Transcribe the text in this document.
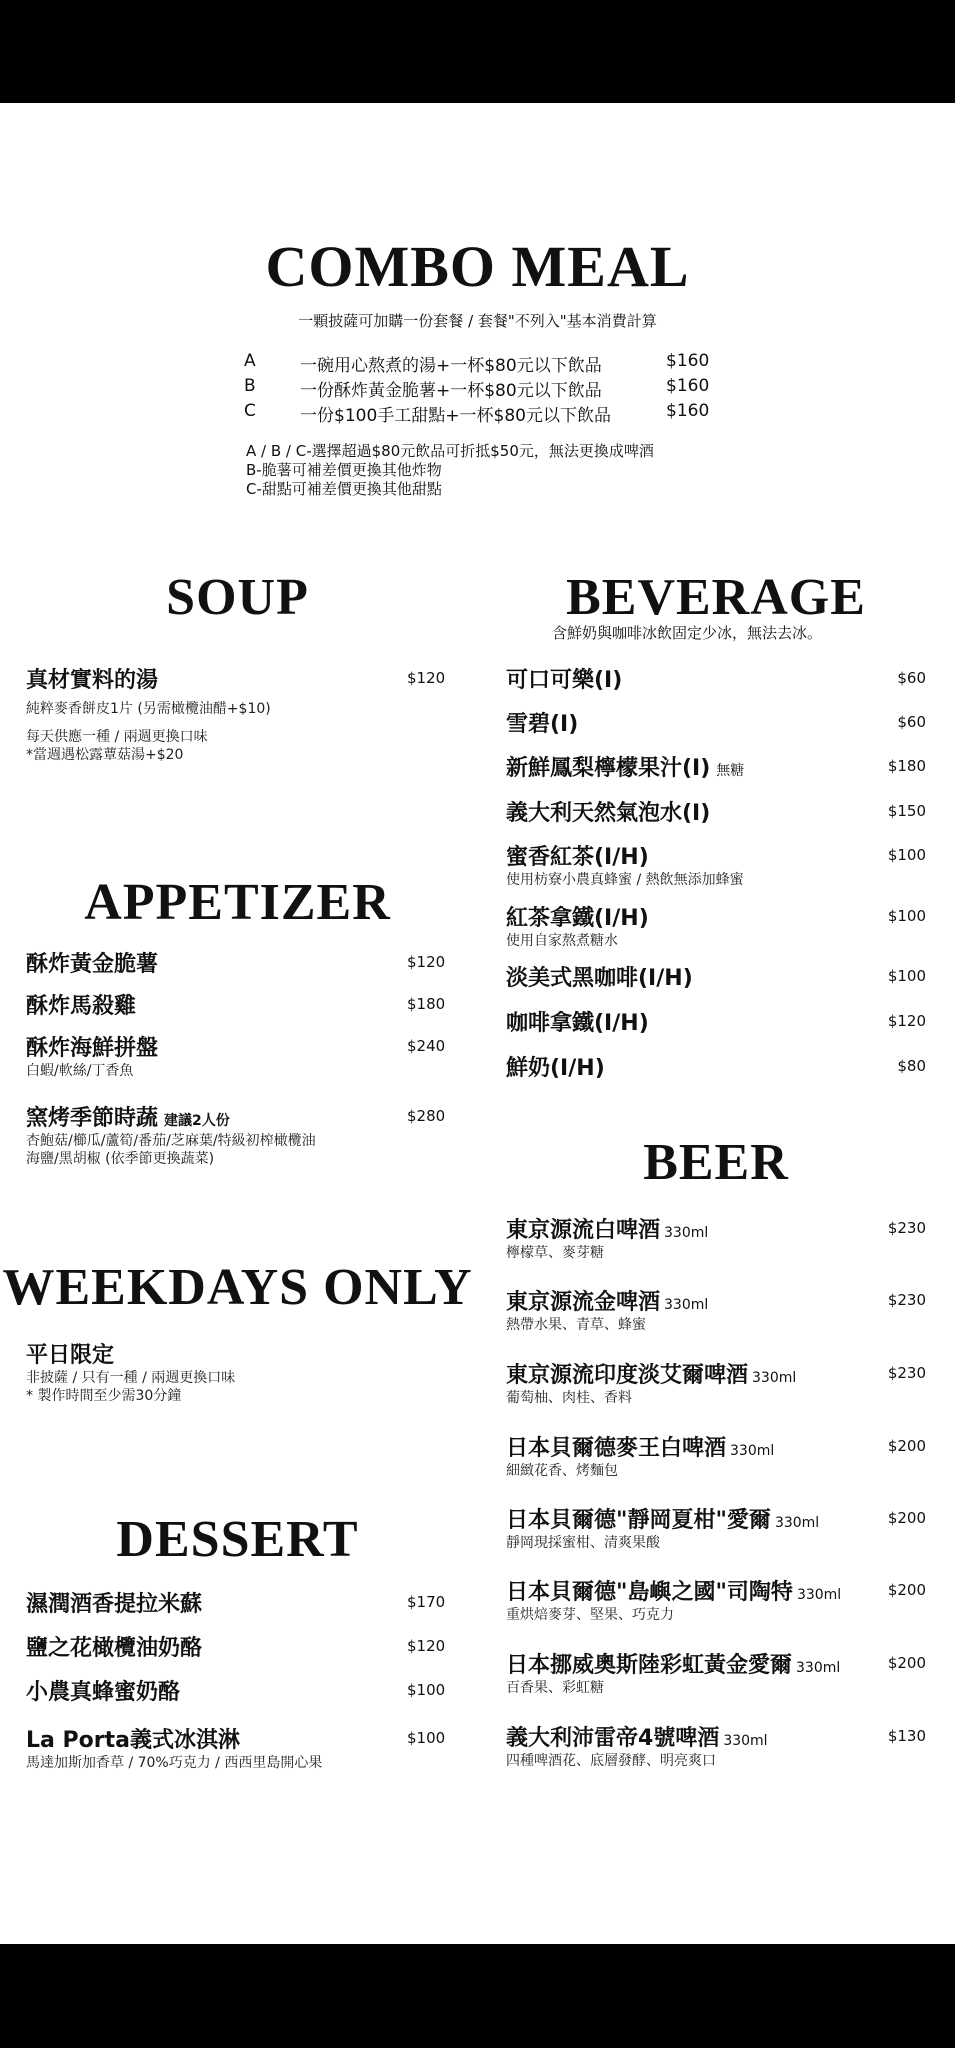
COMBO MEAL
一顆披薩可加購一份套餐 / 套餐"不列入"基本消費計算
A	一碗用心熬煮的湯+一杯$80元以下飲品	$160
B	一份酥炸黃金脆薯+一杯$80元以下飲品	$160
C	一份$100手工甜點+一杯$80元以下飲品	$160
A / B / C-選擇超過$80元飲品可折抵$50元，無法更換成啤酒
B-脆薯可補差價更換其他炸物
C-甜點可補差價更換其他甜點
SOUP
真材實料的湯	$120
純粹麥香餅皮1片 (另需橄欖油醋+$10)
每天供應一種 / 兩週更換口味
*當週遇松露蕈菇湯+$20
APPETIZER
酥炸黃金脆薯	$120
酥炸馬殺雞	$180
酥炸海鮮拼盤	$240
白蝦/軟絲/丁香魚
窯烤季節時蔬 建議2人份	$280
杏鮑菇/櫛瓜/蘆筍/番茄/芝麻葉/特級初榨橄欖油
海鹽/黑胡椒 (依季節更換蔬菜)
WEEKDAYS ONLY
平日限定
非披薩 / 只有一種 / 兩週更換口味
* 製作時間至少需30分鐘
DESSERT
濕潤酒香提拉米蘇	$170
鹽之花橄欖油奶酪	$120
小農真蜂蜜奶酪	$100
La Porta義式冰淇淋	$100
馬達加斯加香草 / 70%巧克力 / 西西里島開心果
BEVERAGE
含鮮奶與咖啡冰飲固定少冰，無法去冰。
可口可樂(I)	$60
雪碧(I)	$60
新鮮鳳梨檸檬果汁(I) 無糖	$180
義大利天然氣泡水(I)	$150
蜜香紅茶(I/H)	$100
使用枋寮小農真蜂蜜 / 熱飲無添加蜂蜜
紅茶拿鐵(I/H)	$100
使用自家熬煮糖水
淡美式黑咖啡(I/H)	$100
咖啡拿鐵(I/H)	$120
鮮奶(I/H)	$80
BEER
東京源流白啤酒 330ml	$230
檸檬草、麥芽糖
東京源流金啤酒 330ml	$230
熱帶水果、青草、蜂蜜
東京源流印度淡艾爾啤酒 330ml	$230
葡萄柚、肉桂、香料
日本貝爾德麥王白啤酒 330ml	$200
細緻花香、烤麵包
日本貝爾德"靜岡夏柑"愛爾 330ml	$200
靜岡現採蜜柑、清爽果酸
日本貝爾德"島嶼之國"司陶特 330ml	$200
重烘焙麥芽、堅果、巧克力
日本挪威奧斯陸彩虹黃金愛爾 330ml	$200
百香果、彩虹糖
義大利沛雷帝4號啤酒 330ml	$130
四種啤酒花、底層發酵、明亮爽口
